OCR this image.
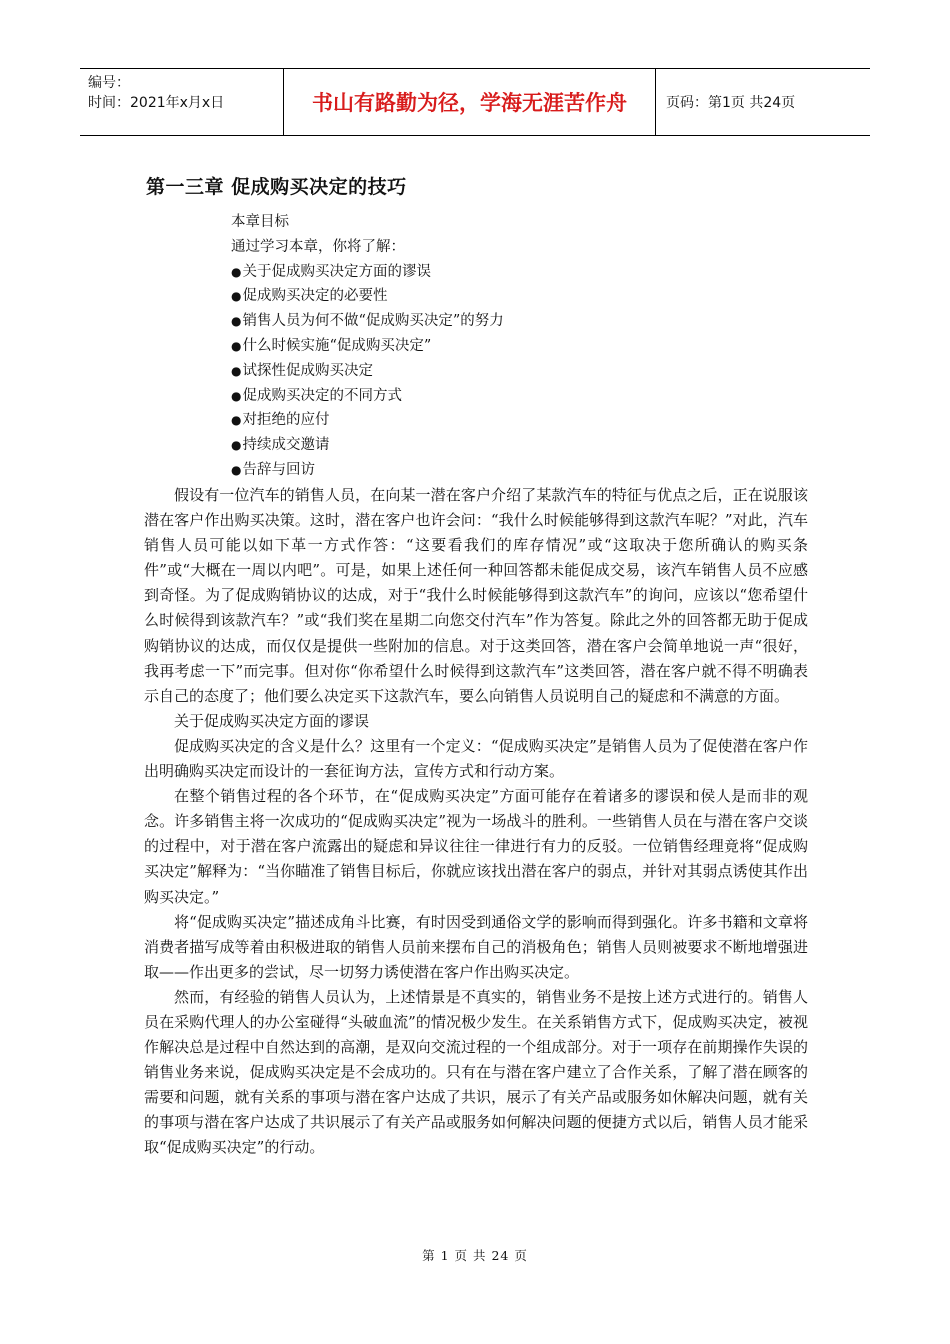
编号：
时间：2021年x月x日	书山有路勤为径，学海无涯苦作舟	页码：第1页 共24页
第一三章 促成购买决定的技巧
本章目标
通过学习本章，你将了解：
● 关于促成购买决定方面的谬误
● 促成购买决定的必要性
● 销售人员为何不做“促成购买决定”的努力
● 什么时候实施“促成购买决定”
● 试探性促成购买决定
● 促成购买决定的不同方式
● 对拒绝的应付
● 持续成交邀请
● 告辞与回访

假设有一位汽车的销售人员，在向某一潜在客户介绍了某款汽车的特征与优点之后，正在说服该潜在客户作出购买决策。这时，潜在客户也许会问：“我什么时候能够得到这款汽车呢？”对此，汽车销售人员可能以如下革一方式作答：“这要看我们的库存情况”或“这取决于您所确认的购买条件”或“大概在一周以内吧”。可是，如果上述任何一种回答都未能促成交易，该汽车销售人员不应感到奇怪。为了促成购销协议的达成，对于“我什么时候能够得到这款汽车”的询问，应该以“您希望什么时候得到该款汽车？”或“我们奖在星期二向您交付汽车”作为答复。除此之外的回答都无助于促成购销协议的达成，而仅仅是提供一些附加的信息。对于这类回答，潜在客户会简单地说一声“很好，我再考虑一下”而完事。但对你“你希望什么时候得到这款汽车”这类回答，潜在客户就不得不明确表示自己的态度了；他们要么决定买下这款汽车，要么向销售人员说明自己的疑虑和不满意的方面。

关于促成购买决定方面的谬误

促成购买决定的含义是什么？这里有一个定义：“促成购买决定”是销售人员为了促使潜在客户作出明确购买决定而设计的一套征询方法，宣传方式和行动方案。

在整个销售过程的各个环节，在“促成购买决定”方面可能存在着诸多的谬误和侯人是而非的观念。许多销售主将一次成功的“促成购买决定”视为一场战斗的胜利。一些销售人员在与潜在客户交谈的过程中，对于潜在客户流露出的疑虑和异议往往一律进行有力的反驳。一位销售经理竟将“促成购买决定”解释为：“当你瞄准了销售目标后，你就应该找出潜在客户的弱点，并针对其弱点诱使其作出购买决定。”

将“促成购买决定”描述成角斗比赛，有时因受到通俗文学的影响而得到强化。许多书籍和文章将消费者描写成等着由积极进取的销售人员前来摆布自己的消极角色；销售人员则被要求不断地增强进取——作出更多的尝试，尽一切努力诱使潜在客户作出购买决定。

然而，有经验的销售人员认为，上述情景是不真实的，销售业务不是按上述方式进行的。销售人员在采购代理人的办公室碰得“头破血流”的情况极少发生。在关系销售方式下，促成购买决定，被视作解决总是过程中自然达到的高潮，是双向交流过程的一个组成部分。对于一项存在前期操作失误的销售业务来说，促成购买决定是不会成功的。只有在与潜在客户建立了合作关系，了解了潜在顾客的需要和问题，就有关系的事项与潜在客户达成了共识，展示了有关产品或服务如休解决问题，就有关的事项与潜在客户达成了共识展示了有关产品或服务如何解决问题的便捷方式以后，销售人员才能采取“促成购买决定”的行动。

第 1 页 共 24 页
